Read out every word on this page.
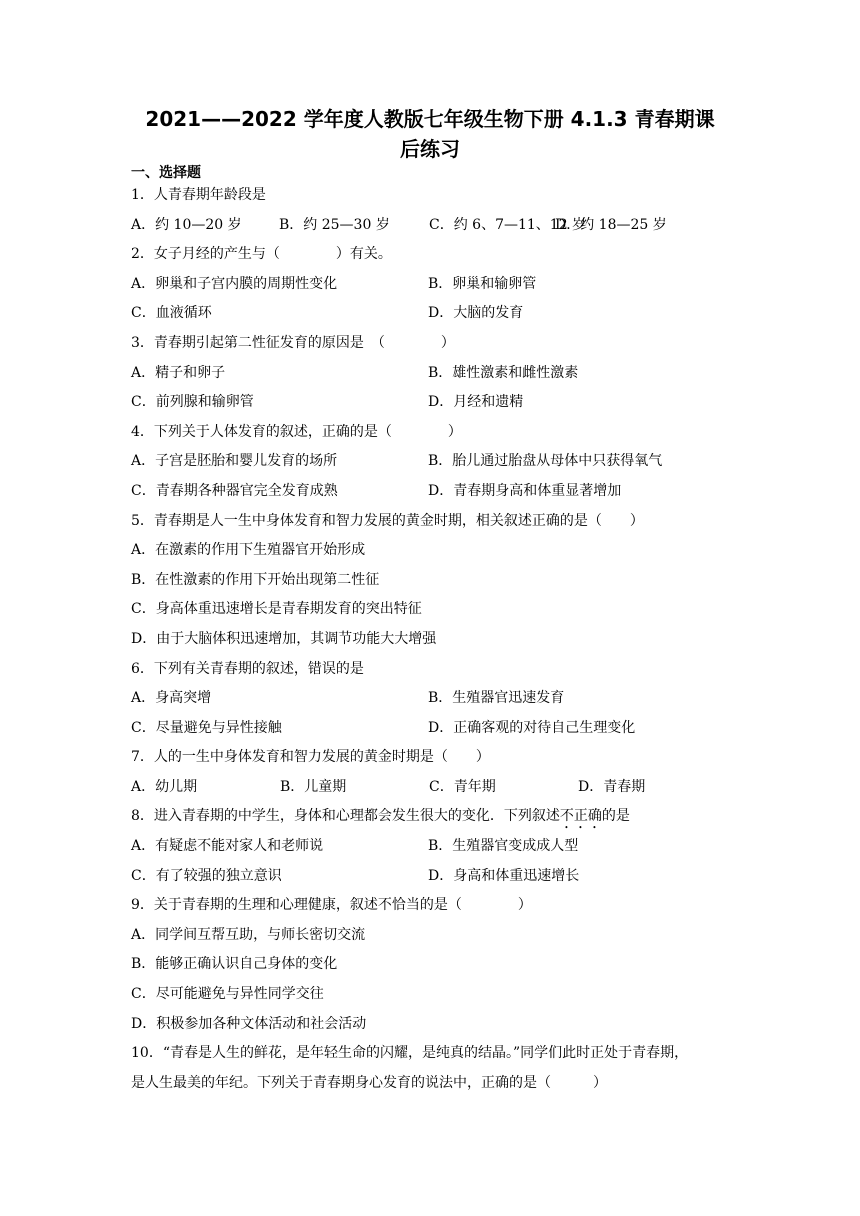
2021——2022 学年度人教版七年级生物下册 4.1.3 青春期课
后练习
一、选择题
1．人青春期年龄段是
A．约 10—20 岁	B．约 25—30 岁	C．约 6、7—11、12 岁
D．约 18—25 岁
2．女子月经的产生与（　　　　）有关。
A．卵巢和子宫内膜的周期性变化	B．卵巢和输卵管
C．血液循环	D．大脑的发育
3．青春期引起第二性征发育的原因是　（　　　　）
A．精子和卵子	B．雄性激素和雌性激素
C．前列腺和输卵管	D．月经和遗精
4．下列关于人体发育的叙述，正确的是（　　　　）
A．子宫是胚胎和婴儿发育的场所	B．胎儿通过胎盘从母体中只获得氧气
C．青春期各种器官完全发育成熟	D．青春期身高和体重显著增加
5．青春期是人一生中身体发育和智力发展的黄金时期，相关叙述正确的是（　　）
A．在激素的作用下生殖器官开始形成
B．在性激素的作用下开始出现第二性征
C．身高体重迅速增长是青春期发育的突出特征
D．由于大脑体积迅速增加，其调节功能大大增强
6．下列有关青春期的叙述，错误的是
A．身高突增	B．生殖器官迅速发育
C．尽量避免与异性接触	D．正确客观的对待自己生理变化
7．人的一生中身体发育和智力发展的黄金时期是（　　）
A．幼儿期	B．儿童期	C．青年期	D．青春期
8．进入青春期的中学生，身体和心理都会发生很大的变化．下列叙述不正确的是
A．有疑虑不能对家人和老师说	B．生殖器官变成成人型
C．有了较强的独立意识	D．身高和体重迅速增长
9．关于青春期的生理和心理健康，叙述不恰当的是（　　　　）
A．同学间互帮互助，与师长密切交流
B．能够正确认识自己身体的变化
C．尽可能避免与异性同学交往
D．积极参加各种文体活动和社会活动
10．“青春是人生的鲜花，是年轻生命的闪耀，是纯真的结晶。”同学们此时正处于青春期，
是人生最美的年纪。下列关于青春期身心发育的说法中，正确的是（　　　）
